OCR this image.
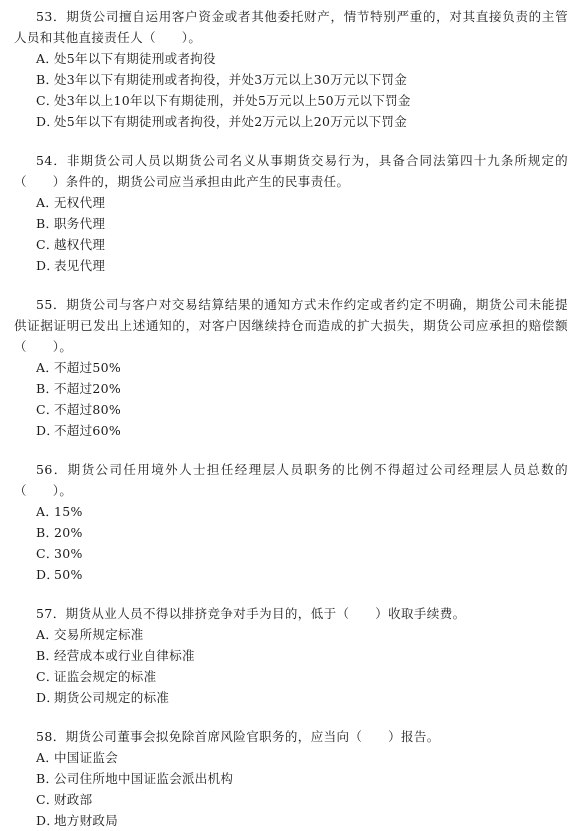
53．期货公司擅自运用客户资金或者其他委托财产，情节特别严重的，对其直接负责的主管人员和其他直接责任人（　　）。

A．处5年以下有期徒刑或者拘役
B．处3年以下有期徒刑或者拘役，并处3万元以上30万元以下罚金
C．处3年以上10年以下有期徒刑，并处5万元以上50万元以下罚金
D．处5年以下有期徒刑或者拘役，并处2万元以上20万元以下罚金

54．非期货公司人员以期货公司名义从事期货交易行为，具备合同法第四十九条所规定的（　　）条件的，期货公司应当承担由此产生的民事责任。

A．无权代理
B．职务代理
C．越权代理
D．表见代理

55．期货公司与客户对交易结算结果的通知方式未作约定或者约定不明确，期货公司未能提供证据证明已发出上述通知的，对客户因继续持仓而造成的扩大损失，期货公司应承担的赔偿额（　　）。

A．不超过50%
B．不超过20%
C．不超过80%
D．不超过60%

56．期货公司任用境外人士担任经理层人员职务的比例不得超过公司经理层人员总数的（　　）。

A．15%
B．20%
C．30%
D．50%

57．期货从业人员不得以排挤竞争对手为目的，低于（　　）收取手续费。

A．交易所规定标准
B．经营成本或行业自律标准
C．证监会规定的标准
D．期货公司规定的标准

58．期货公司董事会拟免除首席风险官职务的，应当向（　　）报告。

A．中国证监会
B．公司住所地中国证监会派出机构
C．财政部
D．地方财政局
